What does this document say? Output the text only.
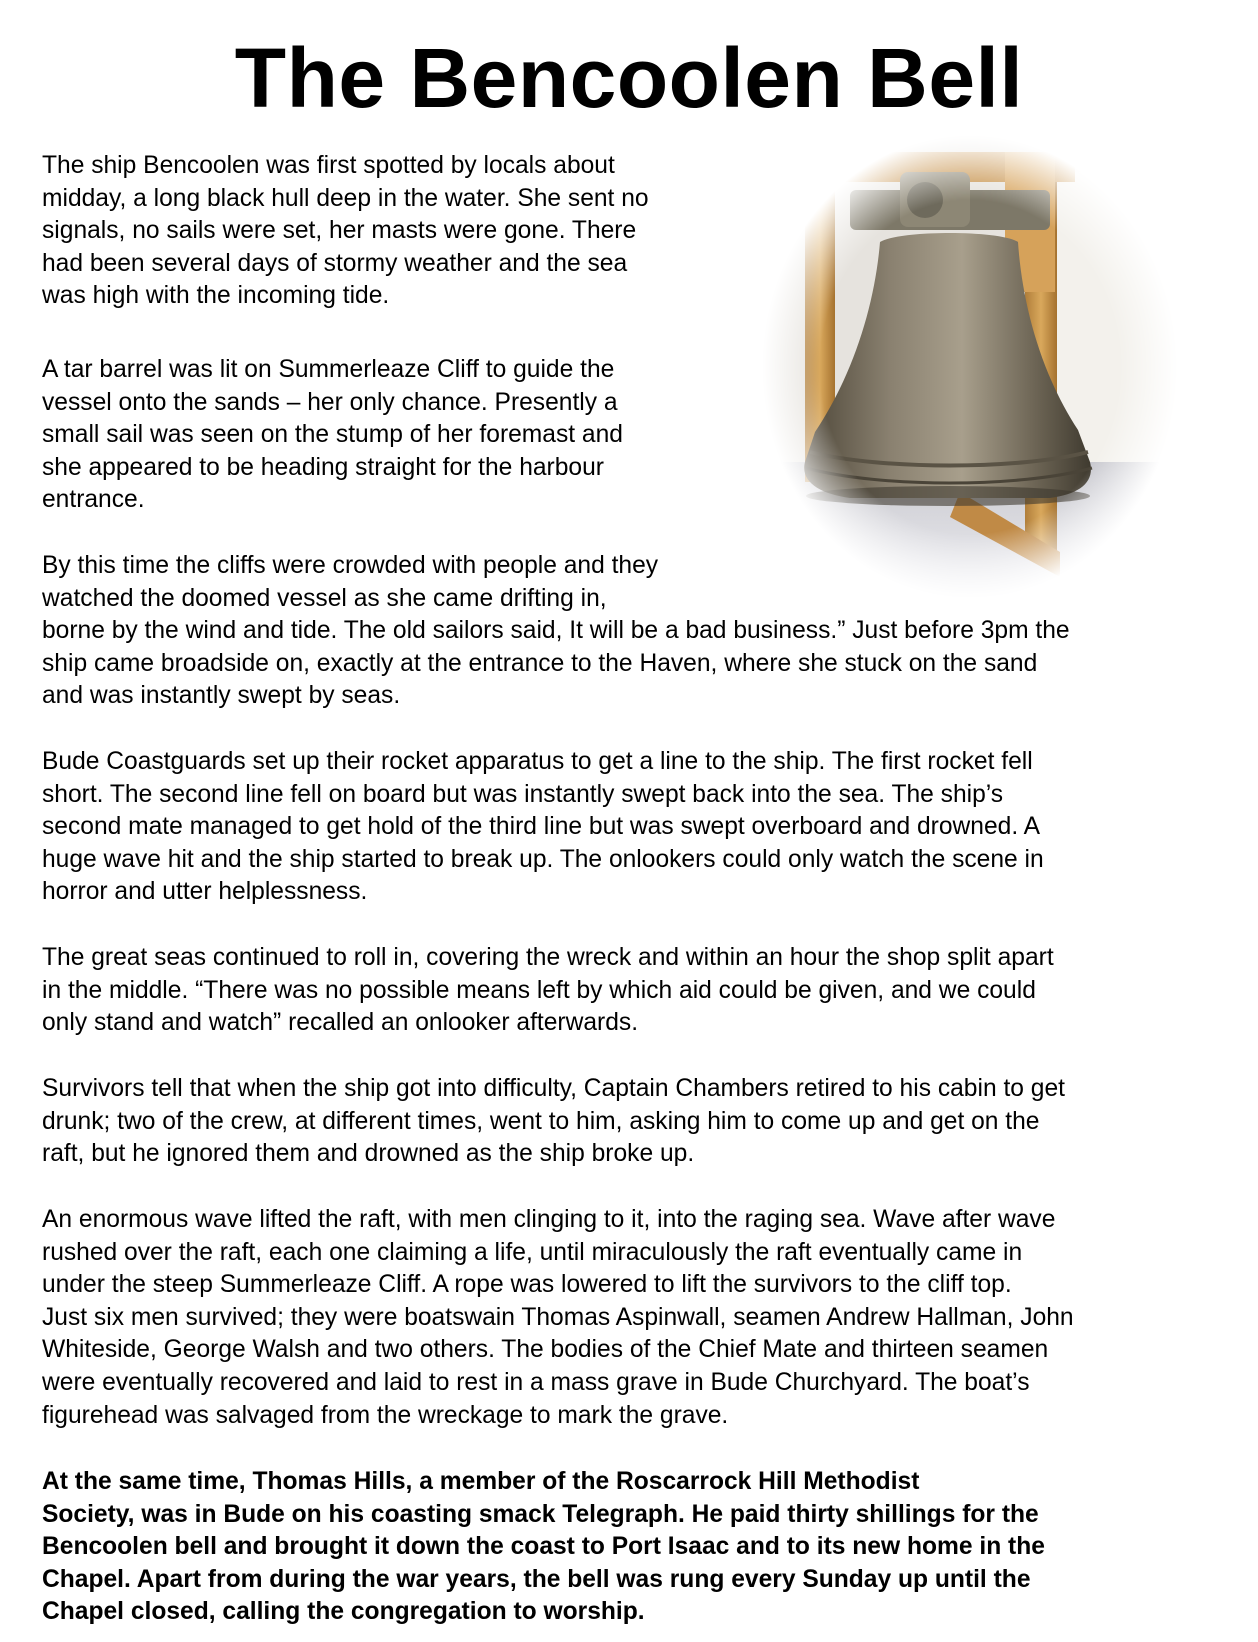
The Bencoolen Bell
The ship Bencoolen was first spotted by locals about
midday, a long black hull deep in the water. She sent no
signals, no sails were set, her masts were gone. There
had been several days of stormy weather and the sea
was high with the incoming tide.
A tar barrel was lit on Summerleaze Cliff to guide the
vessel onto the sands – her only chance. Presently a
small sail was seen on the stump of her foremast and
she appeared to be heading straight for the harbour
entrance.
By this time the cliffs were crowded with people and they
watched the doomed vessel as she came drifting in,
borne by the wind and tide. The old sailors said, It will be a bad business.” Just before 3pm the
ship came broadside on, exactly at the entrance to the Haven, where she stuck on the sand
and was instantly swept by seas.
Bude Coastguards set up their rocket apparatus to get a line to the ship. The first rocket fell
short. The second line fell on board but was instantly swept back into the sea. The ship’s
second mate managed to get hold of the third line but was swept overboard and drowned. A
huge wave hit and the ship started to break up. The onlookers could only watch the scene in
horror and utter helplessness.
The great seas continued to roll in, covering the wreck and within an hour the shop split apart
in the middle. “There was no possible means left by which aid could be given, and we could
only stand and watch” recalled an onlooker afterwards.
Survivors tell that when the ship got into difficulty, Captain Chambers retired to his cabin to get
drunk; two of the crew, at different times, went to him, asking him to come up and get on the
raft, but he ignored them and drowned as the ship broke up.
An enormous wave lifted the raft, with men clinging to it, into the raging sea. Wave after wave
rushed over the raft, each one claiming a life, until miraculously the raft eventually came in
under the steep Summerleaze Cliff. A rope was lowered to lift the survivors to the cliff top.
Just six men survived; they were boatswain Thomas Aspinwall, seamen Andrew Hallman, John
Whiteside, George Walsh and two others. The bodies of the Chief Mate and thirteen seamen
were eventually recovered and laid to rest in a mass grave in Bude Churchyard. The boat’s
figurehead was salvaged from the wreckage to mark the grave.
At the same time, Thomas Hills, a member of the Roscarrock Hill Methodist
Society, was in Bude on his coasting smack Telegraph. He paid thirty shillings for the
Bencoolen bell and brought it down the coast to Port Isaac and to its new home in the
Chapel. Apart from during the war years, the bell was rung every Sunday up until the
Chapel closed, calling the congregation to worship.
